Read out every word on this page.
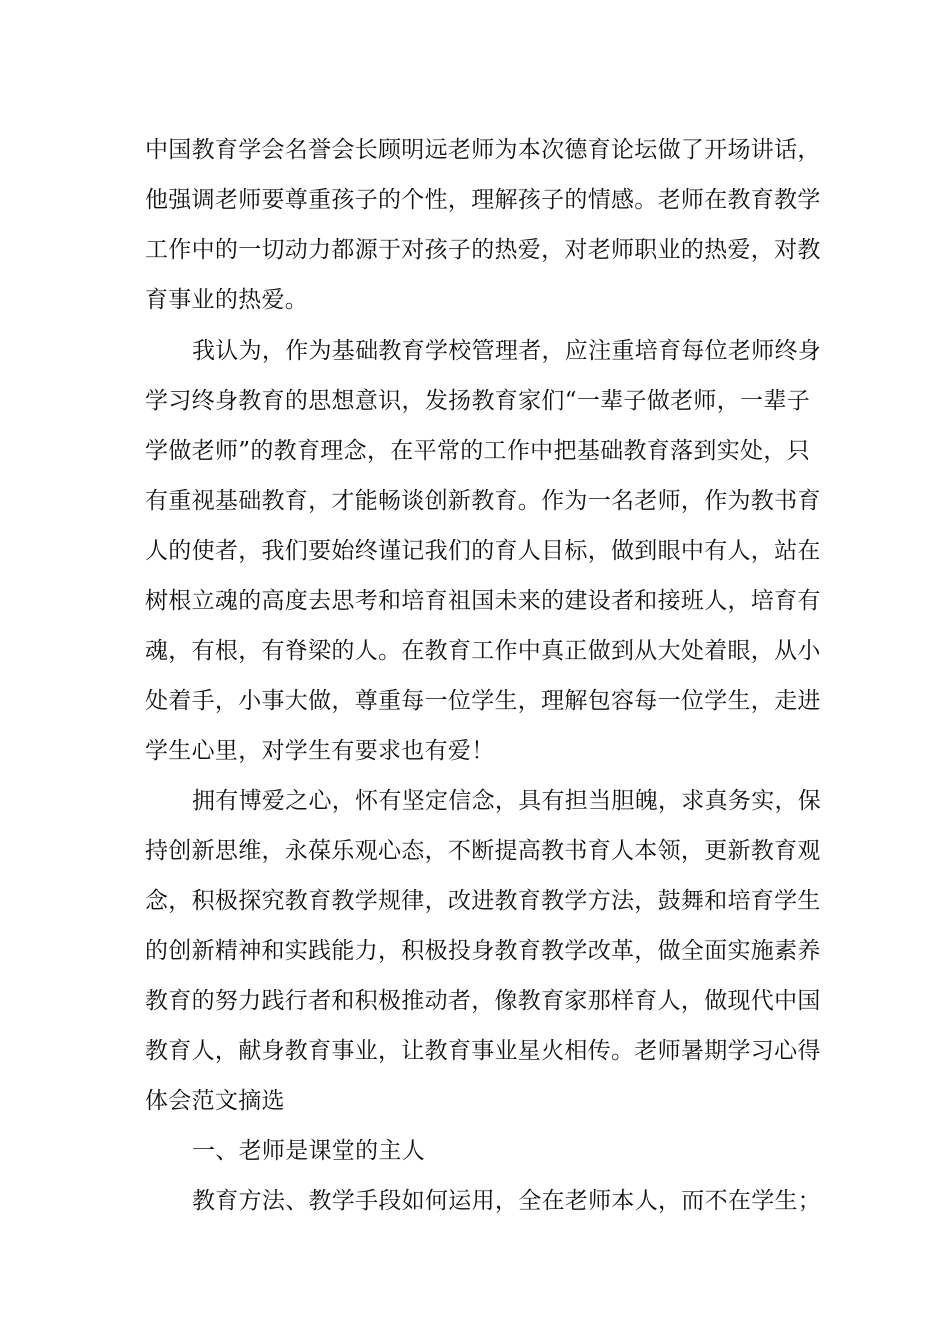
中国教育学会名誉会长顾明远老师为本次德育论坛做了开场讲话，
他强调老师要尊重孩子的个性，理解孩子的情感。老师在教育教学
工作中的一切动力都源于对孩子的热爱，对老师职业的热爱，对教
育事业的热爱。
我认为，作为基础教育学校管理者，应注重培育每位老师终身
学习终身教育的思想意识，发扬教育家们“一辈子做老师，一辈子
学做老师”的教育理念，在平常的工作中把基础教育落到实处，只
有重视基础教育，才能畅谈创新教育。作为一名老师，作为教书育
人的使者，我们要始终谨记我们的育人目标，做到眼中有人，站在
树根立魂的高度去思考和培育祖国未来的建设者和接班人，培育有
魂，有根，有脊梁的人。在教育工作中真正做到从大处着眼，从小
处着手，小事大做，尊重每一位学生，理解包容每一位学生，走进
学生心里，对学生有要求也有爱！
拥有博爱之心，怀有坚定信念，具有担当胆魄，求真务实，保
持创新思维，永葆乐观心态，不断提高教书育人本领，更新教育观
念，积极探究教育教学规律，改进教育教学方法，鼓舞和培育学生
的创新精神和实践能力，积极投身教育教学改革，做全面实施素养
教育的努力践行者和积极推动者，像教育家那样育人，做现代中国
教育人，献身教育事业，让教育事业星火相传。老师暑期学习心得
体会范文摘选
一、老师是课堂的主人
教育方法、教学手段如何运用，全在老师本人，而不在学生；
